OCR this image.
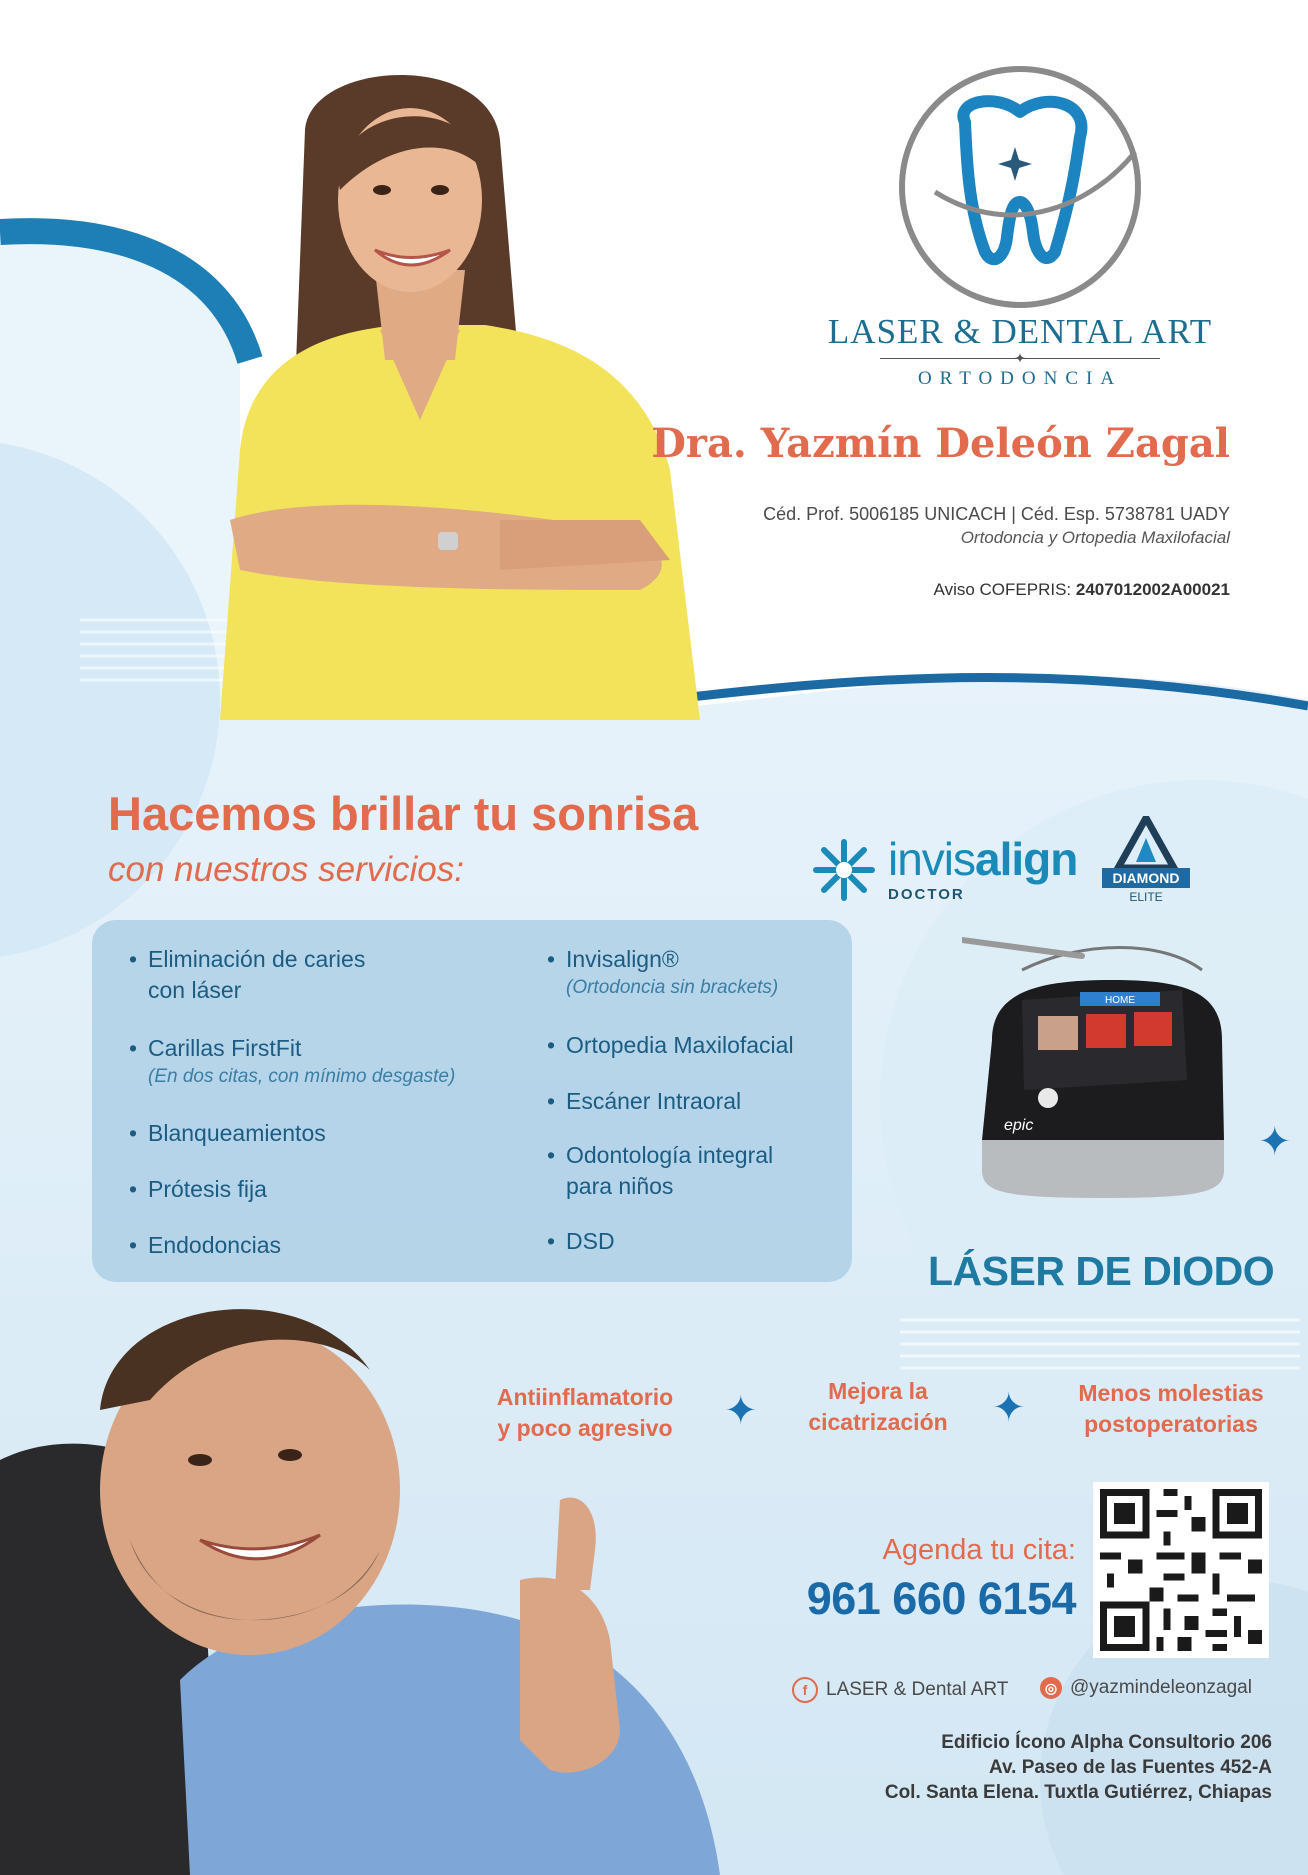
LASER & DENTAL ART
✦
ORTODONCIA
Dra. Yazmín Deleón Zagal
Céd. Prof. 5006185 UNICACH | Céd. Esp. 5738781 UADY
Ortodoncia y Ortopedia Maxilofacial
Aviso COFEPRIS: 2407012002A00021
Hacemos brillar tu sonrisa
con nuestros servicios:
• Eliminación de caries
con láser
• Carillas FirstFit
(En dos citas, con mínimo desgaste)
• Blanqueamientos
• Prótesis fija
• Endodoncias
• Invisalign®
(Ortodoncia sin brackets)
• Ortopedia Maxilofacial
• Escáner Intraoral
• Odontología integral
para niños
• DSD
invisalign
DOCTOR
DIAMOND
ELITE
HOME
epic	✦
LÁSER DE DIODO
Antiinflamatorio
y poco agresivo	✦	Mejora la
cicatrización	✦	Menos molestias
postoperatorias
Agenda tu cita:
961 660 6154
f LASER & Dental ART	◎ @yazmindeleonzagal
Edificio Ícono Alpha Consultorio 206
Av. Paseo de las Fuentes 452-A
Col. Santa Elena. Tuxtla Gutiérrez, Chiapas
